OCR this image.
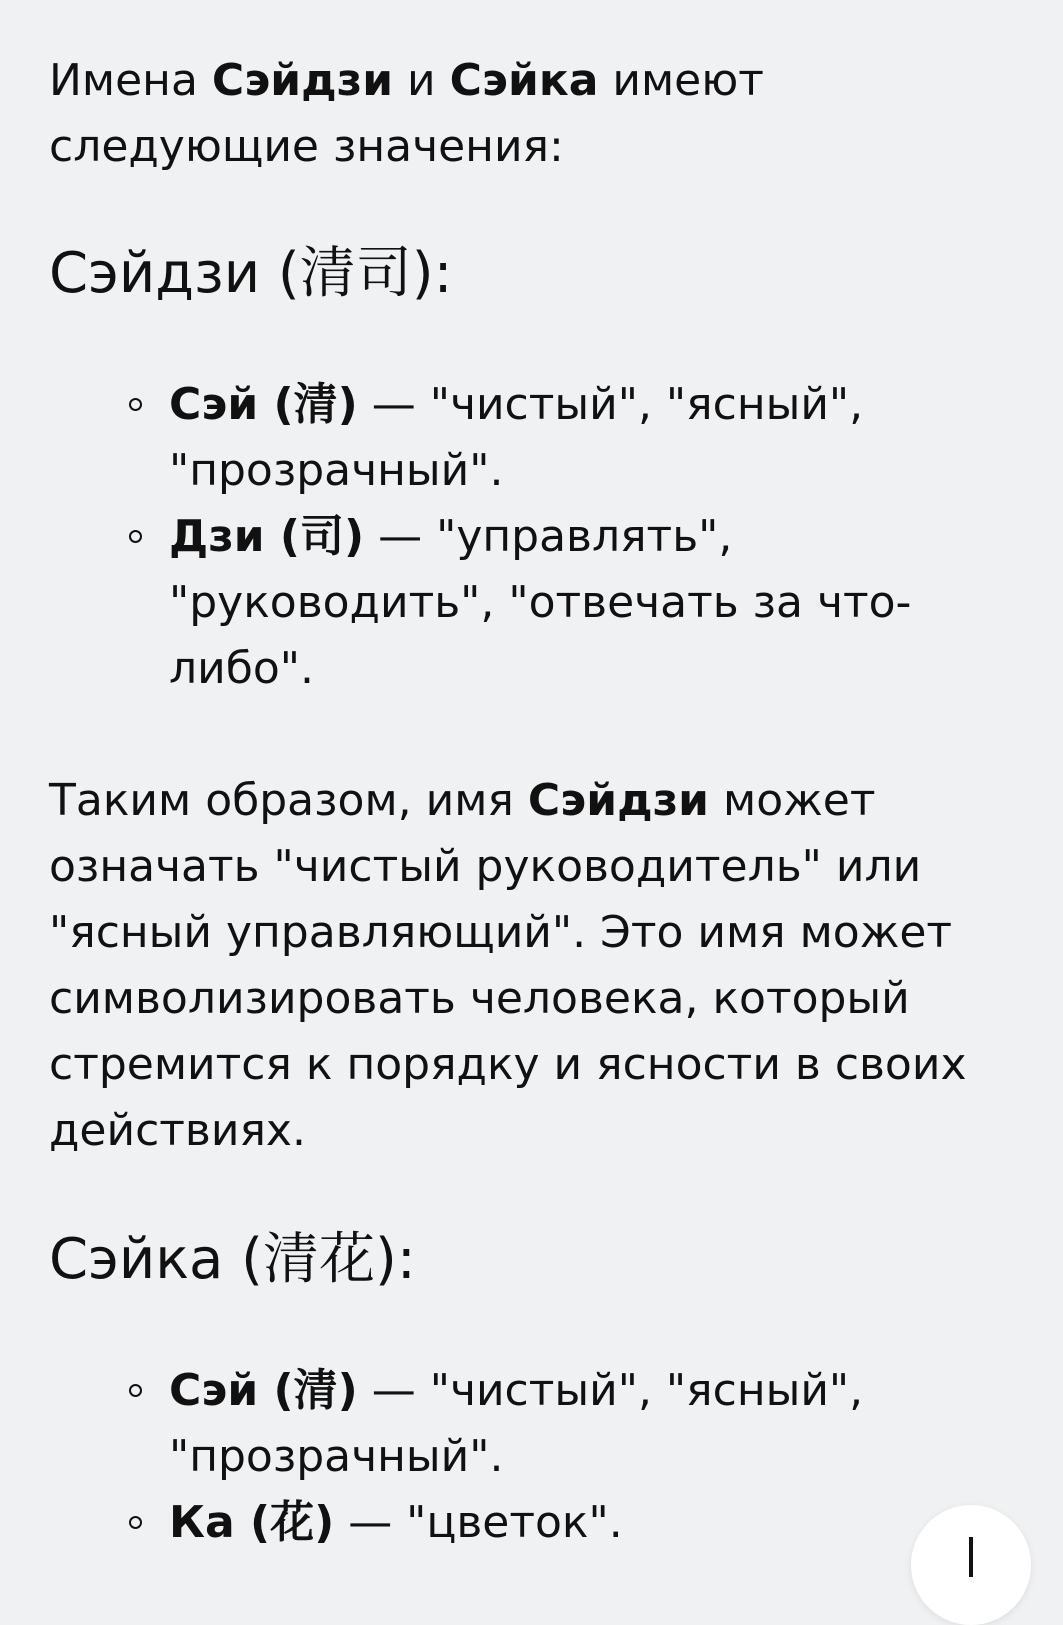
Имена Сэйдзи и Сэйка имеют следующие значения:

Сэйдзи (清司):
Сэй (清) — "чистый", "ясный", "прозрачный".
Дзи (司) — "управлять", "руководить", "отвечать за что-либо".

Таким образом, имя Сэйдзи может означать "чистый руководитель" или "ясный управляющий". Это имя может символизировать человека, который стремится к порядку и ясности в своих действиях.

Сэйка (清花):
Сэй (清) — "чистый", "ясный", "прозрачный".
Ка (花) — "цветок".
